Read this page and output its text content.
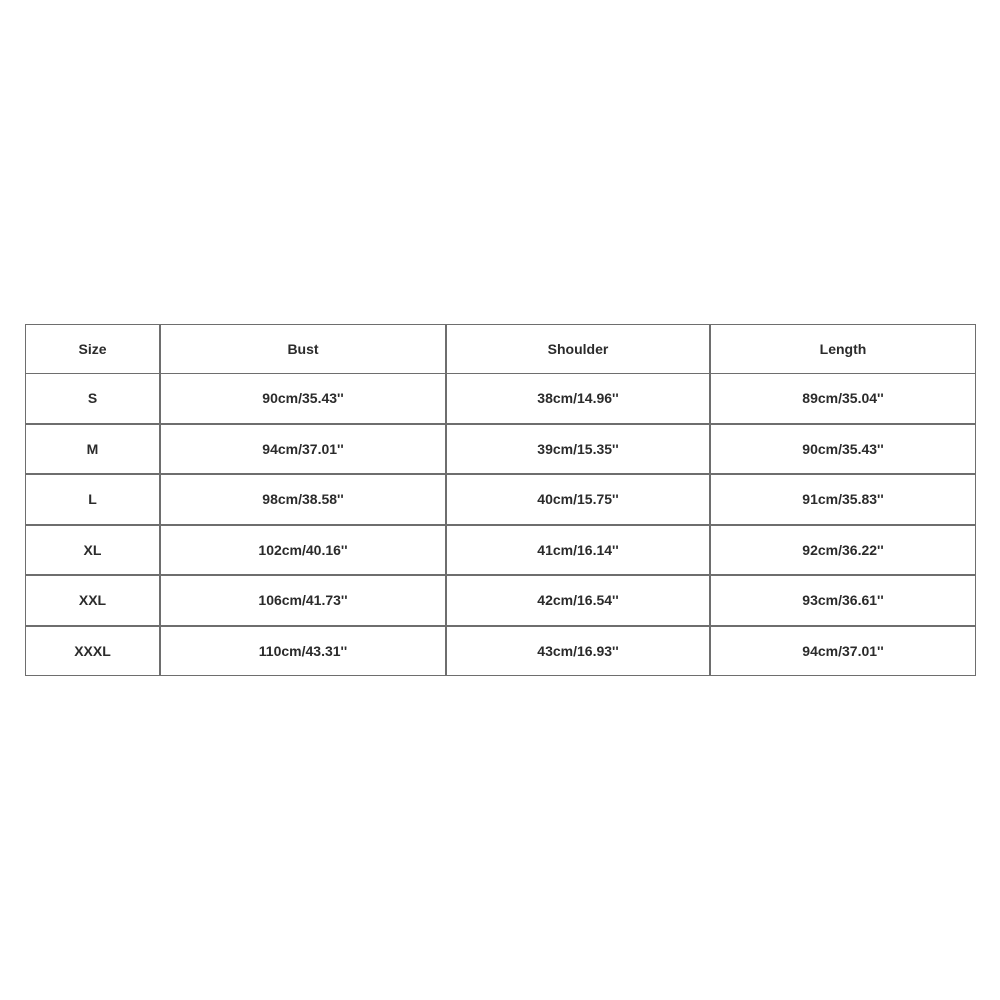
Size	Bust	Shoulder	Length
S	90cm/35.43''	38cm/14.96''	89cm/35.04''
M	94cm/37.01''	39cm/15.35''	90cm/35.43''
L	98cm/38.58''	40cm/15.75''	91cm/35.83''
XL	102cm/40.16''	41cm/16.14''	92cm/36.22''
XXL	106cm/41.73''	42cm/16.54''	93cm/36.61''
XXXL	110cm/43.31''	43cm/16.93''	94cm/37.01''
